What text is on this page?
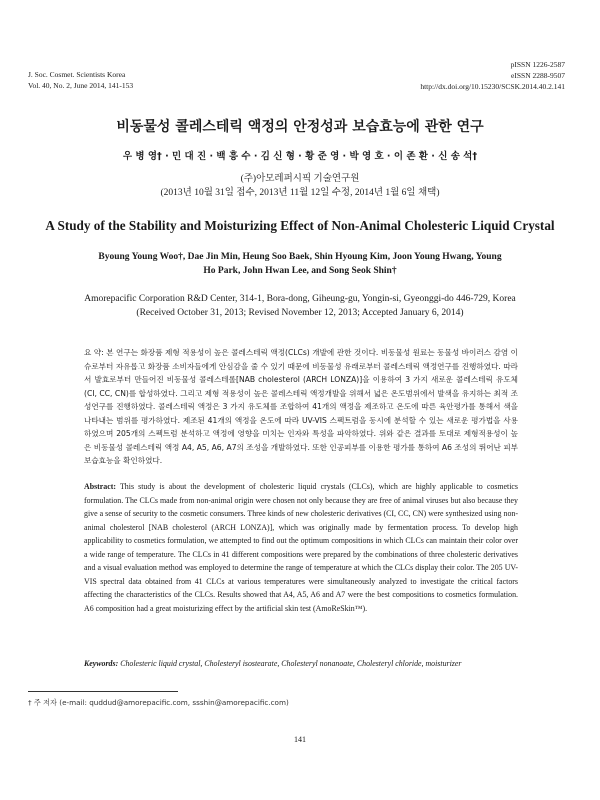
J. Soc. Cosmet. Scientists Korea
Vol. 40, No. 2, June 2014, 141-153
pISSN 1226-2587
eISSN 2288-9507
http://dx.doi.org/10.15230/SCSK.2014.40.2.141
비동물성 콜레스테릭 액정의 안정성과 보습효능에 관한 연구
우 병 영† · 민 대 진 · 백 흥 수 · 김 신 형 · 황 준 영 · 박 영 호 · 이 존 환 · 신 송 석†
(주)아모레퍼시픽 기술연구원
(2013년 10월 31일 접수, 2013년 11월 12일 수정, 2014년 1월 6일 채택)
A Study of the Stability and Moisturizing Effect of Non-Animal Cholesteric Liquid Crystal
Byoung Young Woo†, Dae Jin Min, Heung Soo Baek, Shin Hyoung Kim, Joon Young Hwang, Young Ho Park, John Hwan Lee, and Song Seok Shin†
Amorepacific Corporation R&D Center, 314-1, Bora-dong, Giheung-gu, Yongin-si, Gyeonggi-do 446-729, Korea
(Received October 31, 2013; Revised November 12, 2013; Accepted January 6, 2014)
요 약: 본 연구는 화장품 제형 적용성이 높은 콜레스테릭 액정(CLCs) 개발에 관한 것이다. 비동물성 원료는 동물성 바이러스 감염 이슈로부터 자유롭고 화장품 소비자들에게 안심감을 줄 수 있기 때문에 비동물성 유래로부터 콜레스테릭 액정연구를 진행하였다. 따라서 발효로부터 만들어진 비동물성 콜레스테롤[NAB cholesterol (ARCH LONZA)]을 이용하여 3 가지 새로운 콜레스테릭 유도체(CI, CC, CN)를 합성하였다. 그리고 제형 적용성이 높은 콜레스테릭 액정개발을 위해서 넓은 온도범위에서 발색을 유지하는 최적 조성연구를 진행하였다. 콜레스테릭 액정은 3 가지 유도체를 조합하여 41개의 액정을 제조하고 온도에 따른 육안평가를 통해서 색을 나타내는 범위를 평가하였다. 제조된 41개의 액정을 온도에 따라 UV-VIS 스펙트럼을 동시에 분석할 수 있는 새로운 평가법을 사용하였으며 205개의 스펙트럼 분석하고 액정에 영향을 미치는 인자와 특성을 파악하였다. 위와 같은 결과를 토대로 제형적용성이 높은 비동물성 콜레스테릭 액정 A4, A5, A6, A7의 조성을 개발하였다. 또한 인공피부를 이용한 평가를 통하여 A6 조성의 뛰어난 피부 보습효능을 확인하였다.
Abstract: This study is about the development of cholesteric liquid crystals (CLCs), which are highly applicable to cosmetics formulation. The CLCs made from non-animal origin were chosen not only because they are free of animal viruses but also because they give a sense of security to the cosmetic consumers. Three kinds of new cholesteric derivatives (CI, CC, CN) were synthesized using non-animal cholesterol [NAB cholesterol (ARCH LONZA)], which was originally made by fermentation process. To develop high applicability to cosmetics formulation, we attempted to find out the optimum compositions in which CLCs can maintain their color over a wide range of temperature. The CLCs in 41 different compositions were prepared by the combinations of three cholesteric derivatives and a visual evaluation method was employed to determine the range of temperature at which the CLCs display their color. The 205 UV-VIS spectral data obtained from 41 CLCs at various temperatures were simultaneously analyzed to investigate the critical factors affecting the characteristics of the CLCs. Results showed that A4, A5, A6 and A7 were the best compositions to cosmetics formulation. A6 composition had a great moisturizing effect by the artificial skin test (AmoReSkin™).
Keywords: Cholesteric liquid crystal, Cholesteryl isostearate, Cholesteryl nonanoate, Cholesteryl chloride, moisturizer
† 주 저자 (e-mail: quddud@amorepacific.com, ssshin@amorepacific.com)
141
